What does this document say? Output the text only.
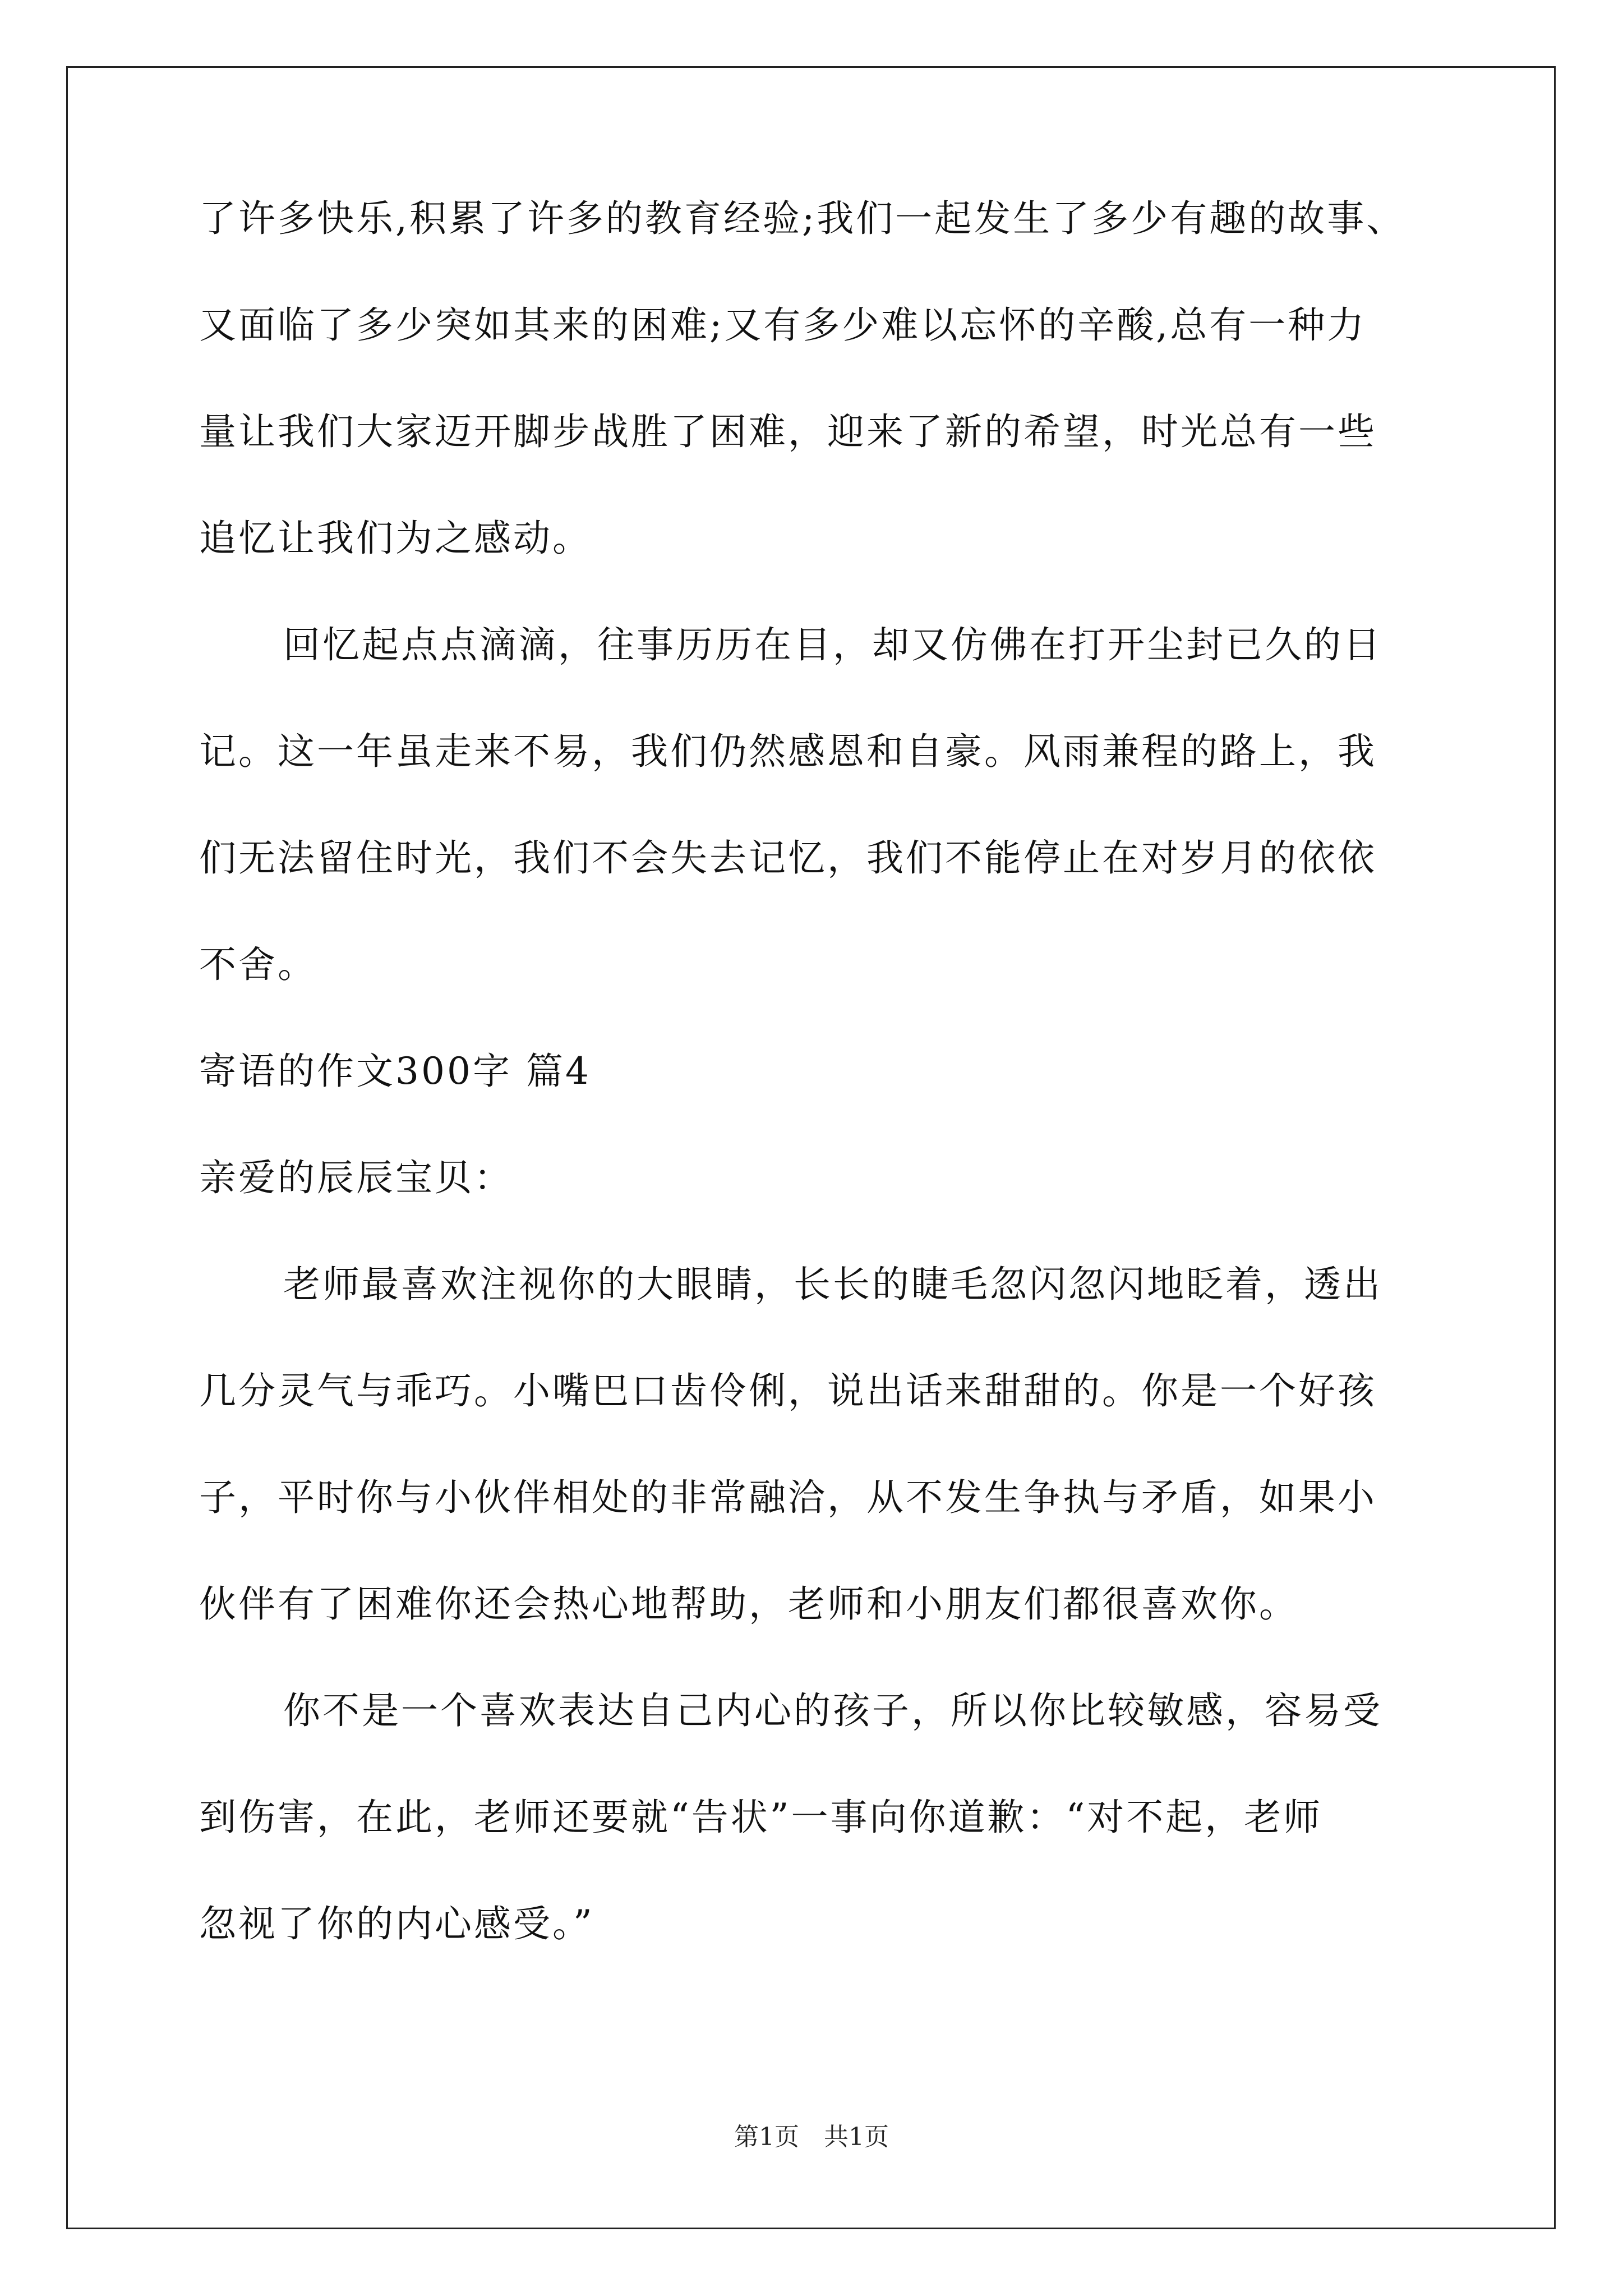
了许多快乐,积累了许多的教育经验;我们一起发生了多少有趣的故事、
又面临了多少突如其来的困难;又有多少难以忘怀的辛酸,总有一种力
量让我们大家迈开脚步战胜了困难，迎来了新的希望，时光总有一些
追忆让我们为之感动。
回忆起点点滴滴，往事历历在目，却又仿佛在打开尘封已久的日
记。这一年虽走来不易，我们仍然感恩和自豪。风雨兼程的路上，我
们无法留住时光，我们不会失去记忆，我们不能停止在对岁月的依依
不舍。
寄语的作文300字 篇4
亲爱的辰辰宝贝：
老师最喜欢注视你的大眼睛，长长的睫毛忽闪忽闪地眨着，透出
几分灵气与乖巧。小嘴巴口齿伶俐，说出话来甜甜的。你是一个好孩
子，平时你与小伙伴相处的非常融洽，从不发生争执与矛盾，如果小
伙伴有了困难你还会热心地帮助，老师和小朋友们都很喜欢你。
你不是一个喜欢表达自己内心的孩子，所以你比较敏感，容易受
到伤害，在此，老师还要就“告状”一事向你道歉：“对不起，老师
忽视了你的内心感受。”
第1页　共1页
